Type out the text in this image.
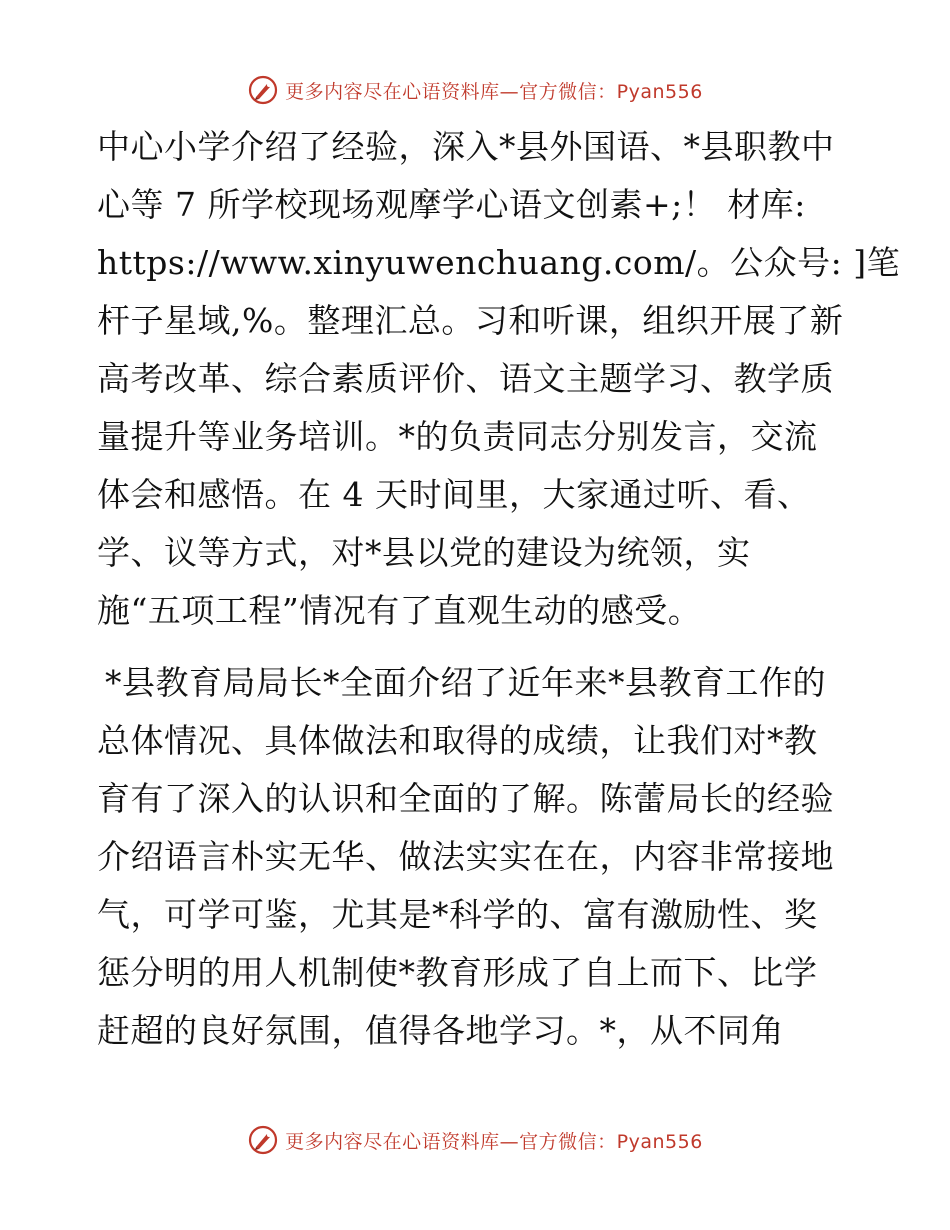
更多内容尽在心语资料库—官方微信：Pyan556
中心小学介绍了经验，深入*县外国语、*县职教中
心等 7 所学校现场观摩学心语文创素+;！ 材库:
https://www.xinyuwenchuang.com/。公众号: ]笔
杆子星域,%。整理汇总。习和听课，组织开展了新
高考改革、综合素质评价、语文主题学习、教学质
量提升等业务培训。*的负责同志分别发言，交流
体会和感悟。在 4 天时间里，大家通过听、看、
学、议等方式，对*县以党的建设为统领，实
施“五项工程”情况有了直观生动的感受。
*县教育局局长*全面介绍了近年来*县教育工作的
总体情况、具体做法和取得的成绩，让我们对*教
育有了深入的认识和全面的了解。陈蕾局长的经验
介绍语言朴实无华、做法实实在在，内容非常接地
气，可学可鉴，尤其是*科学的、富有激励性、奖
惩分明的用人机制使*教育形成了自上而下、比学
赶超的良好氛围，值得各地学习。*，从不同角
更多内容尽在心语资料库—官方微信：Pyan556
